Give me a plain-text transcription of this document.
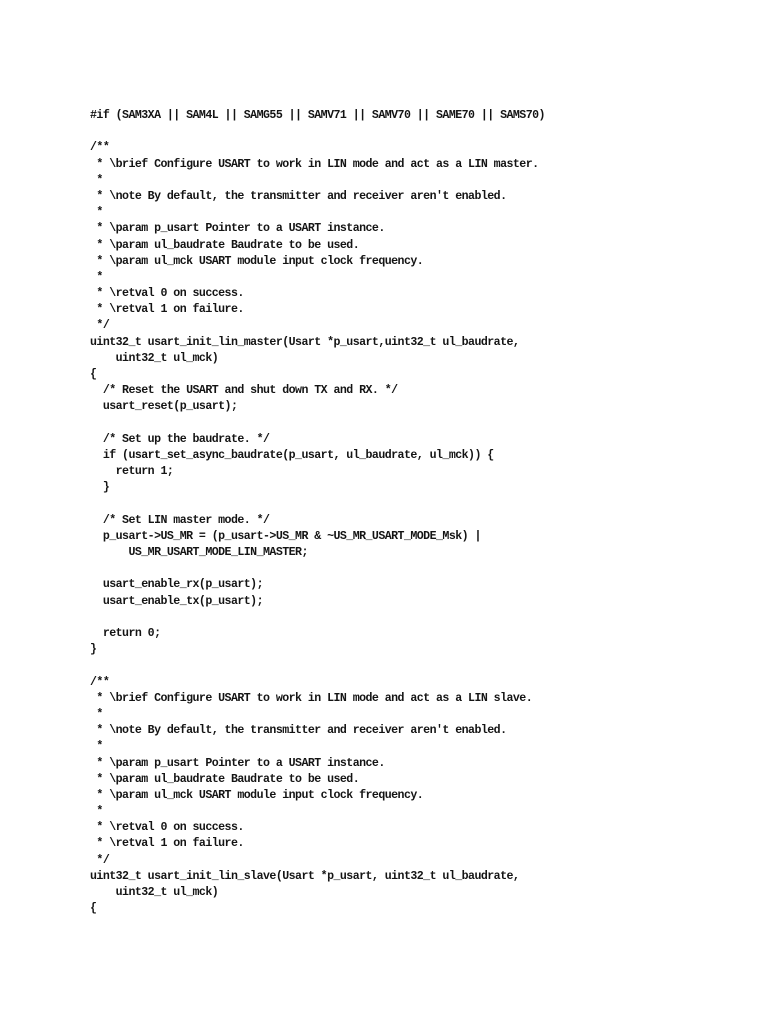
#if (SAM3XA || SAM4L || SAMG55 || SAMV71 || SAMV70 || SAME70 || SAMS70)
/**
* \brief Configure USART to work in LIN mode and act as a LIN master.
*
* \note By default, the transmitter and receiver aren't enabled.
*
* \param p_usart Pointer to a USART instance.
* \param ul_baudrate Baudrate to be used.
* \param ul_mck USART module input clock frequency.
*
* \retval 0 on success.
* \retval 1 on failure.
*/
uint32_t usart_init_lin_master(Usart *p_usart,uint32_t ul_baudrate,
uint32_t ul_mck)
{
/* Reset the USART and shut down TX and RX. */
usart_reset(p_usart);
/* Set up the baudrate. */
if (usart_set_async_baudrate(p_usart, ul_baudrate, ul_mck)) {
return 1;
}
/* Set LIN master mode. */
p_usart->US_MR = (p_usart->US_MR & ~US_MR_USART_MODE_Msk) |
US_MR_USART_MODE_LIN_MASTER;
usart_enable_rx(p_usart);
usart_enable_tx(p_usart);
return 0;
}
/**
* \brief Configure USART to work in LIN mode and act as a LIN slave.
*
* \note By default, the transmitter and receiver aren't enabled.
*
* \param p_usart Pointer to a USART instance.
* \param ul_baudrate Baudrate to be used.
* \param ul_mck USART module input clock frequency.
*
* \retval 0 on success.
* \retval 1 on failure.
*/
uint32_t usart_init_lin_slave(Usart *p_usart, uint32_t ul_baudrate,
uint32_t ul_mck)
{
